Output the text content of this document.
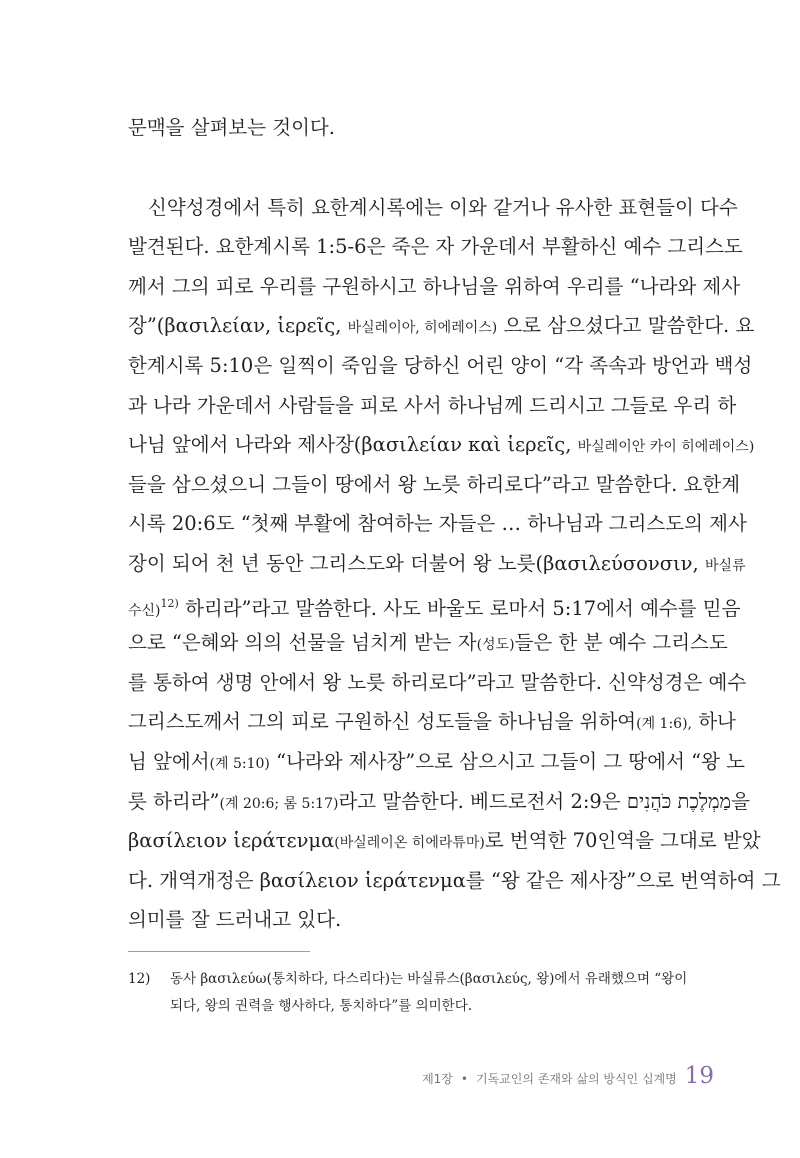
문맥을 살펴보는 것이다.
신약성경에서 특히 요한계시록에는 이와 같거나 유사한 표현들이 다수
발견된다. 요한계시록 1:5-6은 죽은 자 가운데서 부활하신 예수 그리스도
께서 그의 피로 우리를 구원하시고 하나님을 위하여 우리를 “나라와 제사
장”(βασιλείαν, ἱερεῖς, 바실레이아, 히에레이스) 으로 삼으셨다고 말씀한다. 요
한계시록 5:10은 일찍이 죽임을 당하신 어린 양이 “각 족속과 방언과 백성
과 나라 가운데서 사람들을 피로 사서 하나님께 드리시고 그들로 우리 하
나님 앞에서 나라와 제사장(βασιλείαν καὶ ἱερεῖς, 바실레이안 카이 히에레이스)
들을 삼으셨으니 그들이 땅에서 왕 노릇 하리로다”라고 말씀한다. 요한계
시록 20:6도 “첫째 부활에 참여하는 자들은 … 하나님과 그리스도의 제사
장이 되어 천 년 동안 그리스도와 더불어 왕 노릇(βασιλεύσονσιν, 바실류
수신)$^{12)}$ 하리라”라고 말씀한다. 사도 바울도 로마서 5:17에서 예수를 믿음
으로 “은혜와 의의 선물을 넘치게 받는 자(성도)들은 한 분 예수 그리스도
를 통하여 생명 안에서 왕 노릇 하리로다”라고 말씀한다. 신약성경은 예수
그리스도께서 그의 피로 구원하신 성도들을 하나님을 위하여(계 1:6), 하나
님 앞에서(계 5:10) “나라와 제사장”으로 삼으시고 그들이 그 땅에서 “왕 노
릇 하리라”(계 20:6; 롬 5:17)라고 말씀한다. 베드로전서 2:9은 מַמְלֶכֶת כֹּהֲנִים을
βασίλειον ἱεράτενμα(바실레이온 히에라튜마)로 번역한 70인역을 그대로 받았
다. 개역개정은 βασίλειον ἱεράτενμα를 “왕 같은 제사장”으로 번역하여 그
의미를 잘 드러내고 있다.
12) 동사 βασιλεύω(통치하다, 다스리다)는 바실류스(βασιλεύς, 왕)에서 유래했으며 “왕이
되다, 왕의 권력을 행사하다, 통치하다”를 의미한다.
제1장 • 기독교인의 존재와 삶의 방식인 십계명 19
